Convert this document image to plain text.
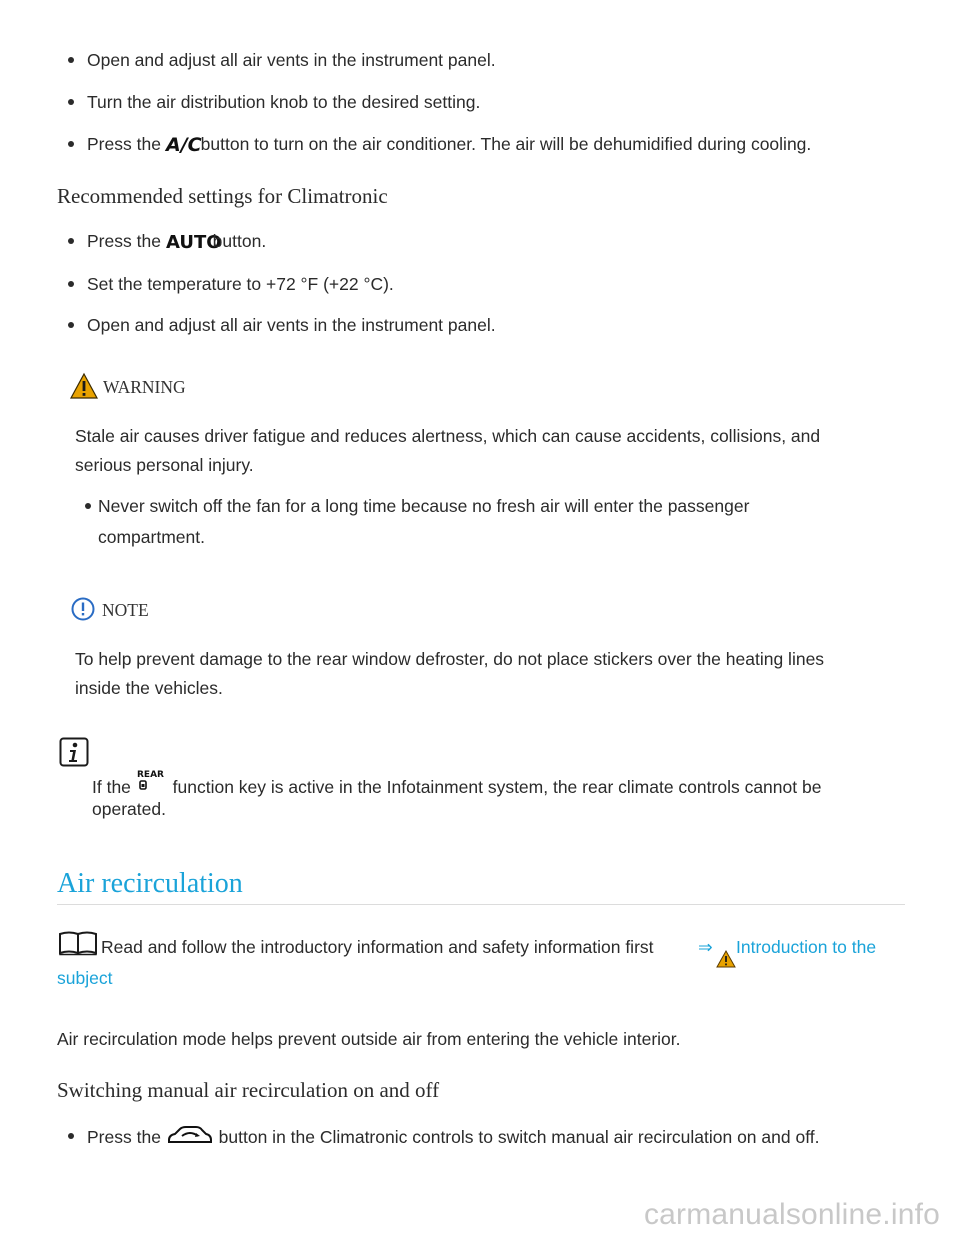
Open and adjust all air vents in the instrument panel.
Turn the air distribution knob to the desired setting.
Press the A/C
button to turn on the air conditioner. The air will be dehumidified during cooling.
Recommended settings for Climatronic
Press the AUTO
button.
Set the temperature to +72 °F (+22 °C).
Open and adjust all air vents in the instrument panel.
WARNING
Stale air causes driver fatigue and reduces alertness, which can cause accidents, collisions, and
serious personal injury.
Never switch off the fan for a long time because no fresh air will enter the passenger
compartment.
NOTE
To help prevent damage to the rear window defroster, do not place stickers over the heating lines
inside the vehicles.
If the
REAR
function key is active in the Infotainment system, the rear climate controls cannot be
operated.
Air recirculation
Read and follow the introductory information and safety information first	⇒ Introduction to the
subject
Air recirculation mode helps prevent outside air from entering the vehicle interior.
Switching manual air recirculation on and off
Press the	button in the Climatronic controls to switch manual air recirculation on and off.
carmanualsonline.info
